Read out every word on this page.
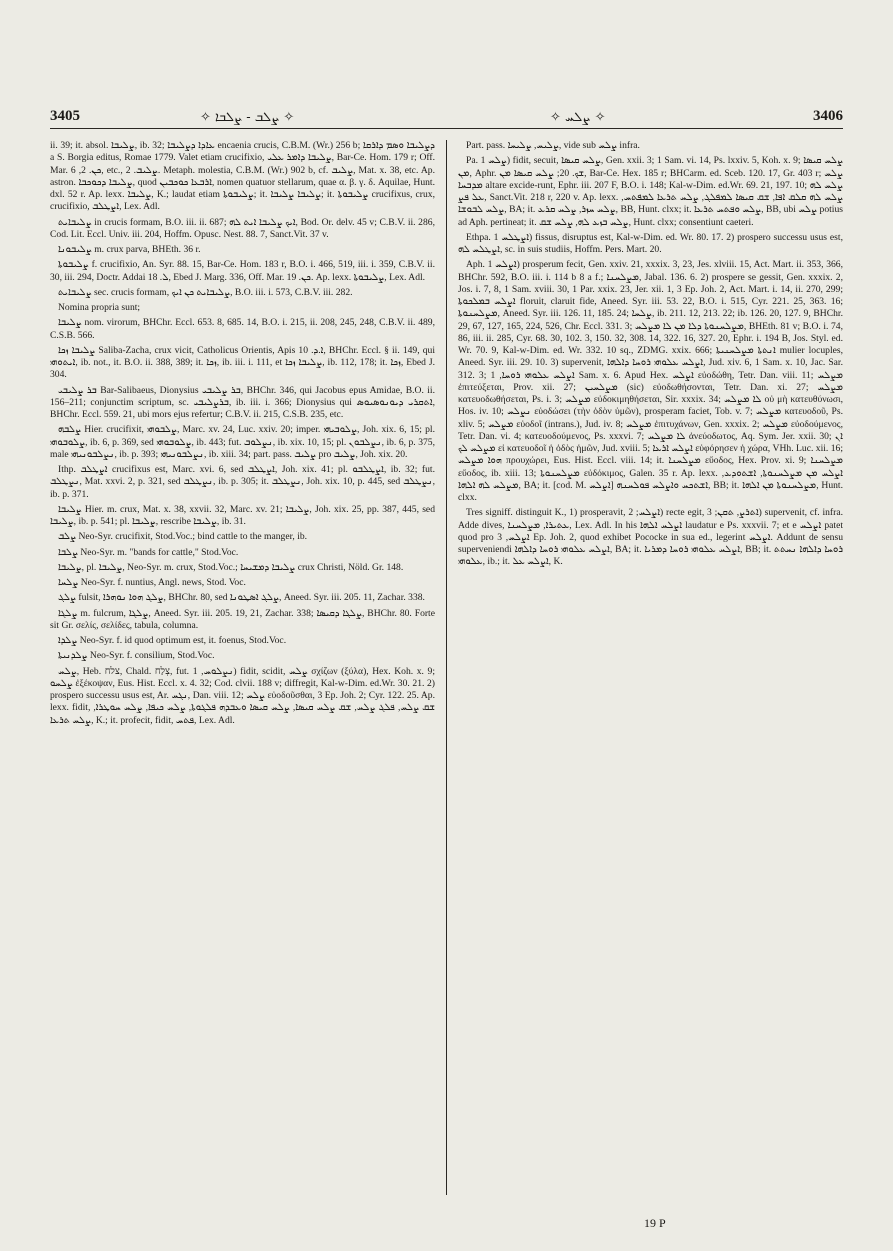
3405	✧ ܨܠܒ - ܨܠܒܐ ✧	✧ ܨܠܚ ✧	3406

ii. 39; it. absol. ܨܠܝܒܐ, ib. 32; ܥܐܕܐ ܕܨܠܝܒܐ encaenia crucis, C.B.M. (Wr.) 256 b; ܕܨܠܝܒܐ ܘܣܡ ܕܐܪܩܐ a S. Borgia editus, Romae 1779. Valet etiam crucifixio, ܨܠܝܒܐ ܕܐܡܪ ܥܠܝ, Bar-Ce. Hom. 179 r; Off. Mar. ܟܢ. 2, 6, etc., ܨܠܝܒ. 2. Metaph. molestia, C.B.M. (Wr.) 902 b, cf. ܨܠܝܒ, Mat. x. 38, etc. Ap. astron. ܨܠܝܒܐ ܕܟܘܟܒܐ, quod ܐܪܒܥܐ ܟܘܟܒܝܢ, nomen quatuor stellarum, quae α. β. γ. δ. Aquilae, Hunt. dxl. 52 r. Ap. lexx. ܨܠܝܒܐ, K.; laudat etiam ܨܠܝܒܘܬܐ; it. ܨܠܝܒܐ ܨܠܝܒܐ; it. ܨܠܝܒܘܬܐ crucifixus, crux, crucifixio, ܐܨܛܠܒ, Lex. Adl.

ܨܠܝܒܐܝܬ in crucis formam, B.O. iii. ii. 687; ܐܝܟ ܨܠܝܒܐ ܐܝܬ ܠܗ, Bod. Or. delv. 45 v; C.B.V. ii. 286, Cod. Lit. Eccl. Univ. iii. 204, Hoffm. Opusc. Nest. 88. 7, Sanct.Vit. 37 v.

ܨܠܝܒܘܢܐ m. crux parva, BHEth. 36 r.

ܨܠܝܒܘܬܐ f. crucifixio, An. Syr. 88. 15, Bar-Ce. Hom. 183 r, B.O. i. 466, 519, iii. i. 359, C.B.V. ii. 30, iii. 294, Doctr. Addai ܠ. 18, Ebed J. Marg. 336, Off. Mar. ܟܢ. 19. Ap. lexx. ܨܠܝܒܘܬܐ, Lex. Adl.

ܨܠܝܒܐܝܬ sec. crucis formam, ܨܠܝܒܐܝܬ ܟܢ ܐܝܟ, B.O. iii. i. 573, C.B.V. iii. 282.

Nomina propria sunt;

ܨܠܝܒܐ nom. virorum, BHChr. Eccl. 653. 8, 685. 14, B.O. i. 215, ii. 208, 245, 248, C.B.V. ii. 489, C.S.B. 566.

ܨܠܝܒܐ ܙܟܐ Saliba-Zacha, crux vicit, Catholicus Orientis, Apis ܐ.ܕ. 10, BHChr. Eccl. § ii. 149, qui ܐܝܬܘܗܝ, ib. not., it. B.O. ii. 388, 389; it. ܙܟܐ, ib. iii. i. 111, et ܨܠܝܒܐ ܙܟܐ, ib. 112, 178; it. ܙܟܐ, Ebed J. 304.

ܒܪ ܨܠܝܒܝ Bar-Salibaeus, Dionysius ܒܪ ܨܠܝܒܝ, BHChr. 346, qui Jacobus epus Amidae, B.O. ii. 156–211; conjunctim scriptum, sc. ܒܪܨܠܝܒܝ, ib. iii. i. 366; Dionysius qui ܐܬܩܪܝ ܕܝܘܢܘܣܝܘܣ, BHChr. Eccl. 559. 21, ubi mors ejus refertur; C.B.V. ii. 215, C.S.B. 235, etc.

ܨܠܒܗ Hier. crucifixit, ܨܠܒܘܗܝ, Marc. xv. 24, Luc. xxiv. 20; imper. ܨܠܘܒܝܗܝ, Joh. xix. 6, 15; pl. ܨܠܘܒܘܗܝ, ib. 6, p. 369, sed ܨܠܘܒܘܗܝ, ib. 443; fut. ܢܨܠܘܒ, ib. xix. 10, 15; pl. ܢܨܠܒܘܢ, ib. 6, p. 375, male ܢܨܠܒܘܢܝܗܝ, ib. p. 393; ܢܨܠܒܘܢܝܗܝ, ib. xiii. 34; part. pass. ܨܠܝܒ pro ܨܠܝܒ, Joh. xix. 20.

Ithp. ܐܨܛܠܒ crucifixus est, Marc. xvi. 6, sed ܐܨܛܠܒ, Joh. xix. 41; pl. ܐܨܛܠܒܘ, ib. 32; fut. ܢܨܛܠܒ, Mat. xxvi. 2, p. 321, sed ܢܨܛܠܒ, ib. p. 305; it. ܢܨܛܠܒ, Joh. xix. 10, p. 445, sed ܢܨܛܠܒ, ib. p. 371.

ܨܠܝܒܐ Hier. m. crux, Mat. x. 38, xxvii. 32, Marc. xv. 21; ܨܠܝܒܐ, Joh. xix. 25, pp. 387, 445, sed ܨܠܝܒܐ, ib. p. 541; pl. ܨܠܝܒܐ, rescribe ܨܠܝܒܐ, ib. 31.

ܨܠܒ Neo-Syr. crucifixit, Stod.Voc.; bind cattle to the manger, ib.

ܨܠܒܐ Neo-Syr. m. "bands for cattle," Stod.Voc.

ܨܠܝܒܐ, pl. ܨܠܝܒܐ, Neo-Syr. m. crux, Stod.Voc.; ܨܠܝܒܐ ܕܡܫܝܚܐ crux Christi, Nöld. Gr. 148.

ܨܠܚܐ Neo-Syr. f. nuntius, Angl. news, Stod. Voc.

ܨܠܓ fulsit, ܨܠܓ ܗܘܐ ܢܘܗܪܐ, BHChr. 80, sed ܨܠܓ ܐܣܛܘܢܐ, Aneed. Syr. iii. 205. 11, Zachar. 338.

ܨܠܓܐ m. fulcrum, ܨܠܓܐ, Aneed. Syr. iii. 205. 19, 21, Zachar. 338; ܨܠܓܐ ܕܩܝܣܐ, BHChr. 80. Forte sit Gr. σελίς, σελίδες, tabula, columna.

ܨܠܕܐ Neo-Syr. f. id quod optimum est, it. foenus, Stod.Voc.

ܨܠܕܢܝܬܐ Neo-Syr. f. consilium, Stod.Voc.

ܨܠܚ, Heb. צלח, Chald. צְלַח, fut. ܢܨܠܘܚ, 1) fidit, scidit, ܨܠܚ σχίζων (ξύλα), Hex. Koh. x. 9; ܨܠܚܘ ἐξέκοψαν, Eus. Hist. Eccl. x. 4. 32; Cod. clvii. 188 v; diffregit, Kal-w-Dim. ed.Wr. 30. 21. 2) prospero successu usus est, Ar. ܢܓܚ, Dan. viii. 12; ܨܠܚ εὐοδοῦσθαι, 3 Ep. Joh. 2; Cyr. 122. 25. Ap. lexx. fidit, ܫܩ ܨܠܚ, ܦܠܓ ܨܠܚ, ܫܩ ܨܠܚ ܩܝܣܐ, ܨܠܚ ܩܝܣܐ ܘܥܒܕܗ ܦܠܓܘܬܐ, ܨܠܚ ܟܝܦܐ, ܨܠܚ ܚܘܛܪܐ, ܨܠܚ ܬܪܥܐ, K.; it. profecit, fidit, ܦܬܚ, Lex. Adl.

Part. pass. ܨܠܝܚ, ܨܠܝܚܐ, vide sub ܨܠܚ infra.

Pa. ܨܠܚ 1) fidit, secuit, ܨܠܚ ܩܝܣܐ, Gen. xxii. 3; 1 Sam. vi. 14, Ps. lxxiv. 5, Koh. x. 9; ܨܠܚ ܩܝܣܐ ܡܢ, Aphr. ܫܟ. 20; ܨܠܚ ܩܝܣܐ ܡܢ, Bar-Ce. Hex. 185 r; BHCarm. ed. Sceb. 120. 17, Gr. 403 r; ܨܠܚ ܡܕܒܚܐ altare excide-runt, Ephr. iii. 207 F, B.O. i. 148; Kal-w-Dim. ed.Wr. 69. 21, 197. 10; ܨܠܚ ܠܗ ܥܠ ܦܨ, Sanct.Vit. 218 r, 220 v. Ap. lexx. ܨܠܚ ܠܗ ܩܠܩ ܐܦܐ, ܫܩ ܩܝܣܐ ܠܡܦܠܓ, ܨܠܚ ܬܪܥܐ ܠܡܦܬܚ, ܨܠܚ ܠܒܘܫܐ, BA; it. ܨܠܚ ܚܙܪ, ܨܠܚ ܩܪܥ, BB, Hunt. clxx; it. ܨܠܚ ܘܦܬܚ ܬܪܥܐ, BB, ubi ܨܠܚ potius ad Aph. pertineat; it. ܨܠܚ ܒܙܥ ܠܗ, ܨܠܚ ܫܩ, Hunt. clxx; consentiunt caeteri.

Ethpa. ܐܨܛܠܚ 1) fissus, disruptus est, Kal-w-Dim. ed. Wr. 80. 17. 2) prospero successu usus est, ܐܨܛܠܚ ܠܗ, sc. in suis studiis, Hoffm. Pers. Mart. 20.

Aph. ܐܨܠܚ 1) prosperum fecit, Gen. xxiv. 21, xxxix. 3, 23, Jes. xlviii. 15, Act. Mart. ii. 353, 366, BHChr. 592, B.O. iii. i. 114 b 8 a f.; ܡܨܠܚܢܐ, Jabal. 136. 6. 2) prospere se gessit, Gen. xxxix. 2, Jos. i. 7, 8, 1 Sam. xviii. 30, 1 Par. xxix. 23, Jer. xii. 1, 3 Ep. Joh. 2, Act. Mart. i. 14, ii. 270, 299; ܐܨܠܚ ܒܡܠܟܘܬܐ floruit, claruit fide, Aneed. Syr. iii. 53. 22, B.O. i. 515, Cyr. 221. 25, 363. 16; ܡܨܠܚܢܘܬܐ, Aneed. Syr. iii. 126. 11, 185. 24; ܨܠܚܐ, ib. 211. 12, 213. 22; ib. 126. 20, 127. 9, BHChr. 29, 67, 127, 165, 224, 526, Chr. Eccl. 331. 3; ܡܨܠܚܢܘܬܐ ܕܠܐ ܡܢ ܠܐ ܡܨܠܚ, BHEth. 81 v; B.O. i. 74, 86, iii. ii. 285, Cyr. 68. 30, 102. 3, 150. 32, 308. 14, 322. 16, 327. 20, Ephr. i. 194 B, Jos. Styl. ed. Wr. 70. 9, Kal-w-Dim. ed. Wr. 332. 10 sq., ZDMG. xxix. 666; ܐܢܬܬܐ ܡܨܠܚܢܝܬܐ mulier locuples, Aneed. Syr. iii. 29. 10. 3) supervenit, ܐܨܠܚ ܥܠܘܗܝ ܪܘܚܐ ܕܐܠܗܐ, Jud. xiv. 6, 1 Sam. x. 10, Jac. Sar. 312. 3; ܐܨܠܚ ܥܠܘܗܝ ܪܘܚܐ, 1 Sam. x. 6. Apud Hex. ܐܨܠܚ εὐοδώθη, Tetr. Dan. viii. 11; ܡܨܠܚ ἐπιτεύξεται, Prov. xii. 27; ܡܨܠܚܝܢ (sic) εὐοδωθήσονται, Tetr. Dan. xi. 27; ܡܨܠܚ κατευοδωθήσεται, Ps. i. 3; ܡܨܠܚ εὐδοκιμηθήσεται, Sir. xxxix. 34; ܠܐ ܡܨܠܚ οὐ μὴ κατευθύνωσι, Hos. iv. 10; ܢܨܠܚ εὐοδώσει (τὴν ὁδὸν ὑμῶν), prosperam faciet, Tob. v. 7; ܡܨܠܚ κατευοδοῦ, Ps. xliv. 5; ܡܨܠܚ εὐοδοῖ (intrans.), Jud. iv. 8; ܡܨܠܚ ἐπιτυχάνων, Gen. xxxix. 2; ܡܨܠܚ εὐοδούμενος, Tetr. Dan. vi. 4; κατευοδούμενος, Ps. xxxvi. 7; ܠܐ ܡܨܠܚ ἀνεύοδωτος, Aq. Sym. Jer. xxii. 30; ܐܢ ܡܨܠܚ ܠܟ εἰ κατευοδοῖ ἡ ὁδὸς ἡμῶν, Jud. xviii. 5; ܐܨܠܚ ܐܪܥܐ εὐφόρησεν ἡ χώρα, VHh. Luc. xii. 16; ܗܘܐ ܡܨܠܚ προυχώρει, Eus. Hist. Eccl. viii. 14; it. ܡܨܠܚܢܐ εὔοδος, Hex. Prov. xi. 9; ܡܨܠܚܢܐ εὔοδος, ib. xiii. 13; ܡܨܠܚܢܘܬܐ εὐδόκιμος, Galen. 35 r. Ap. lexx. ܐܨܠܚ ܡܢ ܡܨܠܚܢܘܬܐ, ܐܫܬܘܕܥ, ܡܨܠܚ ܠܗ ܐܠܗܐ, BA; it. [cod. M. ܐܨܠܚ] ܐܫܬܟܚ ܘܐܨܠܚ ܦܘܠܚܢܗ, BB; it. ܡܨܠܚܢܘܬܐ ܡܢ ܐܠܗܐ, Hunt. clxx.

Tres signiff. distinguit K., 1) prosperavit, ܐܨܠܚ; 2) recte egit, ܐܬܪܨ, ܬܩܢ; 3) supervenit, cf. infra. Adde dives, ܥܬܝܪܐ, ܡܨܠܚܢܐ, Lex. Adl. In his ܐܨܠܚ ܐܠܗܐ laudatur e Ps. xxxvii. 7; et e ܐܨܠܚ patet quod pro ܐܨܠܚ, 3 Ep. Joh. 2, quod exhibet Pococke in sua ed., legerint ܐܨܠܚ. Addunt de sensu superveniendi ܐܨܠܚ ܥܠܘܗܝ ܪܘܚܐ ܕܐܠܗܐ, BA; it. ܐܨܠܚ ܥܠܘܗܝ ܪܘܚܐ ܕܡܪܝܐ, BB; it. ܪܘܚܐ ܕܐܠܗܐ ܢܚܬܬ ܥܠܘܗܝ, ib.; it. ܐܨܠܚ ܥܠ, K.

19 P
